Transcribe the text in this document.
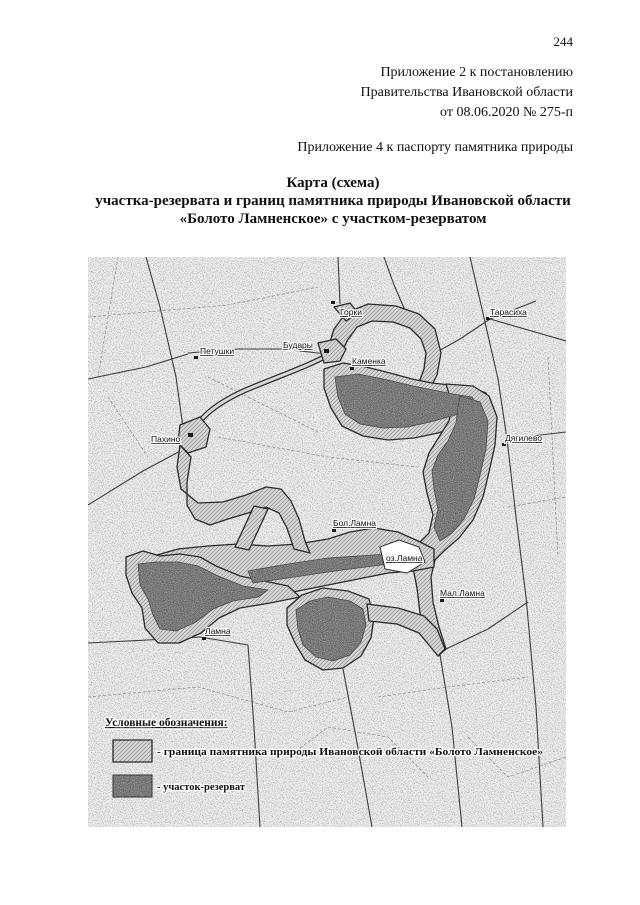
244
Приложение 2 к постановлению
Правительства Ивановской области
от 08.06.2020 № 275-п
Приложение 4 к паспорту памятника природы
Карта (схема)
участка-резервата и границ памятника природы Ивановской области
«Болото Ламненское» с участком-резерватом
Горки	Тарасиха
Петушки
Будары
Каменка
Пахино	Дягилево
Бол.Ламна
оз.Ламна
Мал.Ламна
Ламна
Условные обозначения:
- граница памятника природы Ивановской области «Болото Ламненское»
- участок-резерват
